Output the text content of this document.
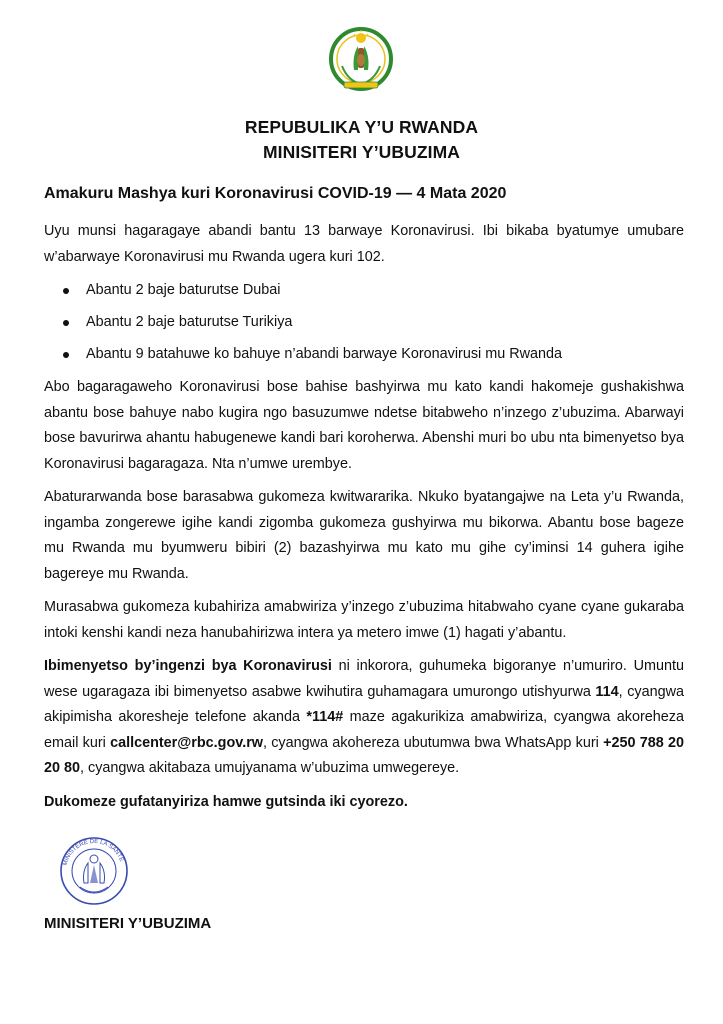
REPUBULIKA Y’U RWANDA
MINISITERI Y’UBUZIMA
Amakuru Mashya kuri Koronavirusi COVID-19 — 4 Mata 2020

Uyu munsi hagaragaye abandi bantu 13 barwaye Koronavirusi. Ibi bikaba byatumye umubare w’abarwaye Koronavirusi mu Rwanda ugera kuri 102.

Abantu 2 baje baturutse Dubai
Abantu 2 baje baturutse Turikiya
Abantu 9 batahuwe ko bahuye n’abandi barwaye Koronavirusi mu Rwanda

Abo bagaragaweho Koronavirusi bose bahise bashyirwa mu kato kandi hakomeje gushakishwa abantu bose bahuye nabo kugira ngo basuzumwe ndetse bitabweho n’inzego z’ubuzima. Abarwayi bose bavurirwa ahantu habugenewe kandi bari koroherwa. Abenshi muri bo ubu nta bimenyetso bya Koronavirusi bagaragaza. Nta n’umwe urembye.

Abaturarwanda bose barasabwa gukomeza kwitwararika. Nkuko byatangajwe na Leta y’u Rwanda, ingamba zongerewe igihe kandi zigomba gukomeza gushyirwa mu bikorwa. Abantu bose bageze mu Rwanda mu byumweru bibiri (2) bazashyirwa mu kato mu gihe cy’iminsi 14 guhera igihe bagereye mu Rwanda.

Murasabwa gukomeza kubahiriza amabwiriza y’inzego z’ubuzima hitabwaho cyane cyane gukaraba intoki kenshi kandi neza hanubahirizwa intera ya metero imwe (1) hagati y’abantu.

Ibimenyetso by’ingenzi bya Koronavirusi ni inkorora, guhumeka bigoranye n’umuriro. Umuntu wese ugaragaza ibi bimenyetso asabwe kwihutira guhamagara umurongo utishyurwa 114, cyangwa akipimisha akoresheje telefone akanda *114# maze agakurikiza amabwiriza, cyangwa akoreheza email kuri callcenter@rbc.gov.rw, cyangwa akohereza ubutumwa bwa WhatsApp kuri +250 788 20 20 80, cyangwa akitabaza umujyanama w’ubuzima umwegereye.

Dukomeze gufatanyiriza hamwe gutsinda iki cyorezo.

MINISTERE DE LA SANTE
MINISITERI Y’UBUZIMA
